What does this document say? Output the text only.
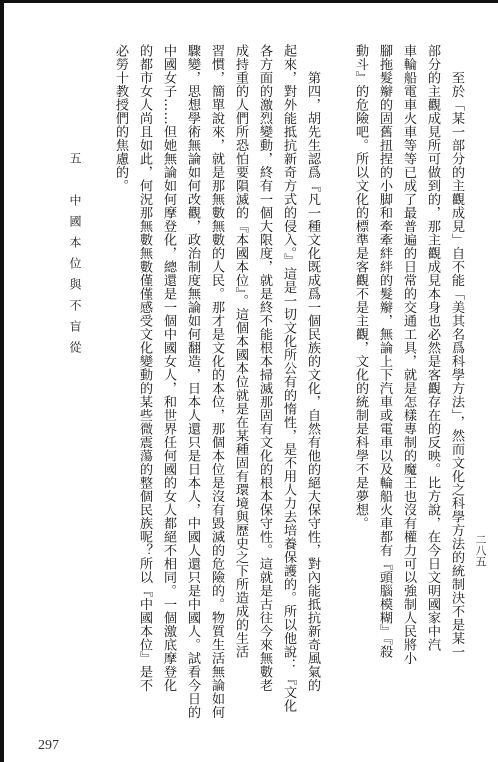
二八五
　　至於「某一部分的主觀成見」自不能「美其名爲科學方法」，然而文化之科學方法的統制決不是某一
部分的主觀成見所可做到的，那主觀成見本身也必然是客觀存在的反映。比方說，在今日文明國家中汽
車輪船電車火車等等已成了最普遍的日常的交通工具，就是怎樣專制的魔王也沒有權力可以強制人民將小
腳拖髮辮的固舊扭捏的小脚和牽牽絆絆的髮辮，無論上下汽車或電車以及輪船火車都有『頭腦模糊』『殺
動斗』的危險吧。所以文化的標準是客觀不是主觀，文化的統制是科學不是夢想。
　　第四，胡先生認爲『凡一種文化既成爲一個民族的文化，自然有他的絕大保守性，對內能抵抗新奇風氣的
起來，對外能抵抗新奇方式的侵入。』這是一切文化所公有的惰性，是不用人力去培養保護的。所以他說：『文化
各方面的激烈變動，終有一個大限度，就是終不能根本掃滅那固有文化的根本保守性。這就是古往今來無數老
成持重的人們所恐怕要隕滅的『本國本位』。這個本國本位就是在某種固有環境與歷史之下所造成的生活
習慣，簡單說來，就是那無數無數的人民。那才是文化的本位，那個本位是沒有毀滅的危險的。物質生活無論如何
驟變，思想學術無論如何改觀，政治制度無論如何翻造，日本人還只是日本人，中國人還只是中國人。試看今日的
中國女子……但她無論如何摩登化，總還是一個中國女人，和世界任何國的女人都絕不相同。一個激底摩登化
的都市女人尚且如此，何況那無數無數僅僅感受文化變動的某些微震蕩的整個民族呢？所以『中國本位』是不
必勞十教授們的焦慮的。
五　中國本位與不盲從
297
